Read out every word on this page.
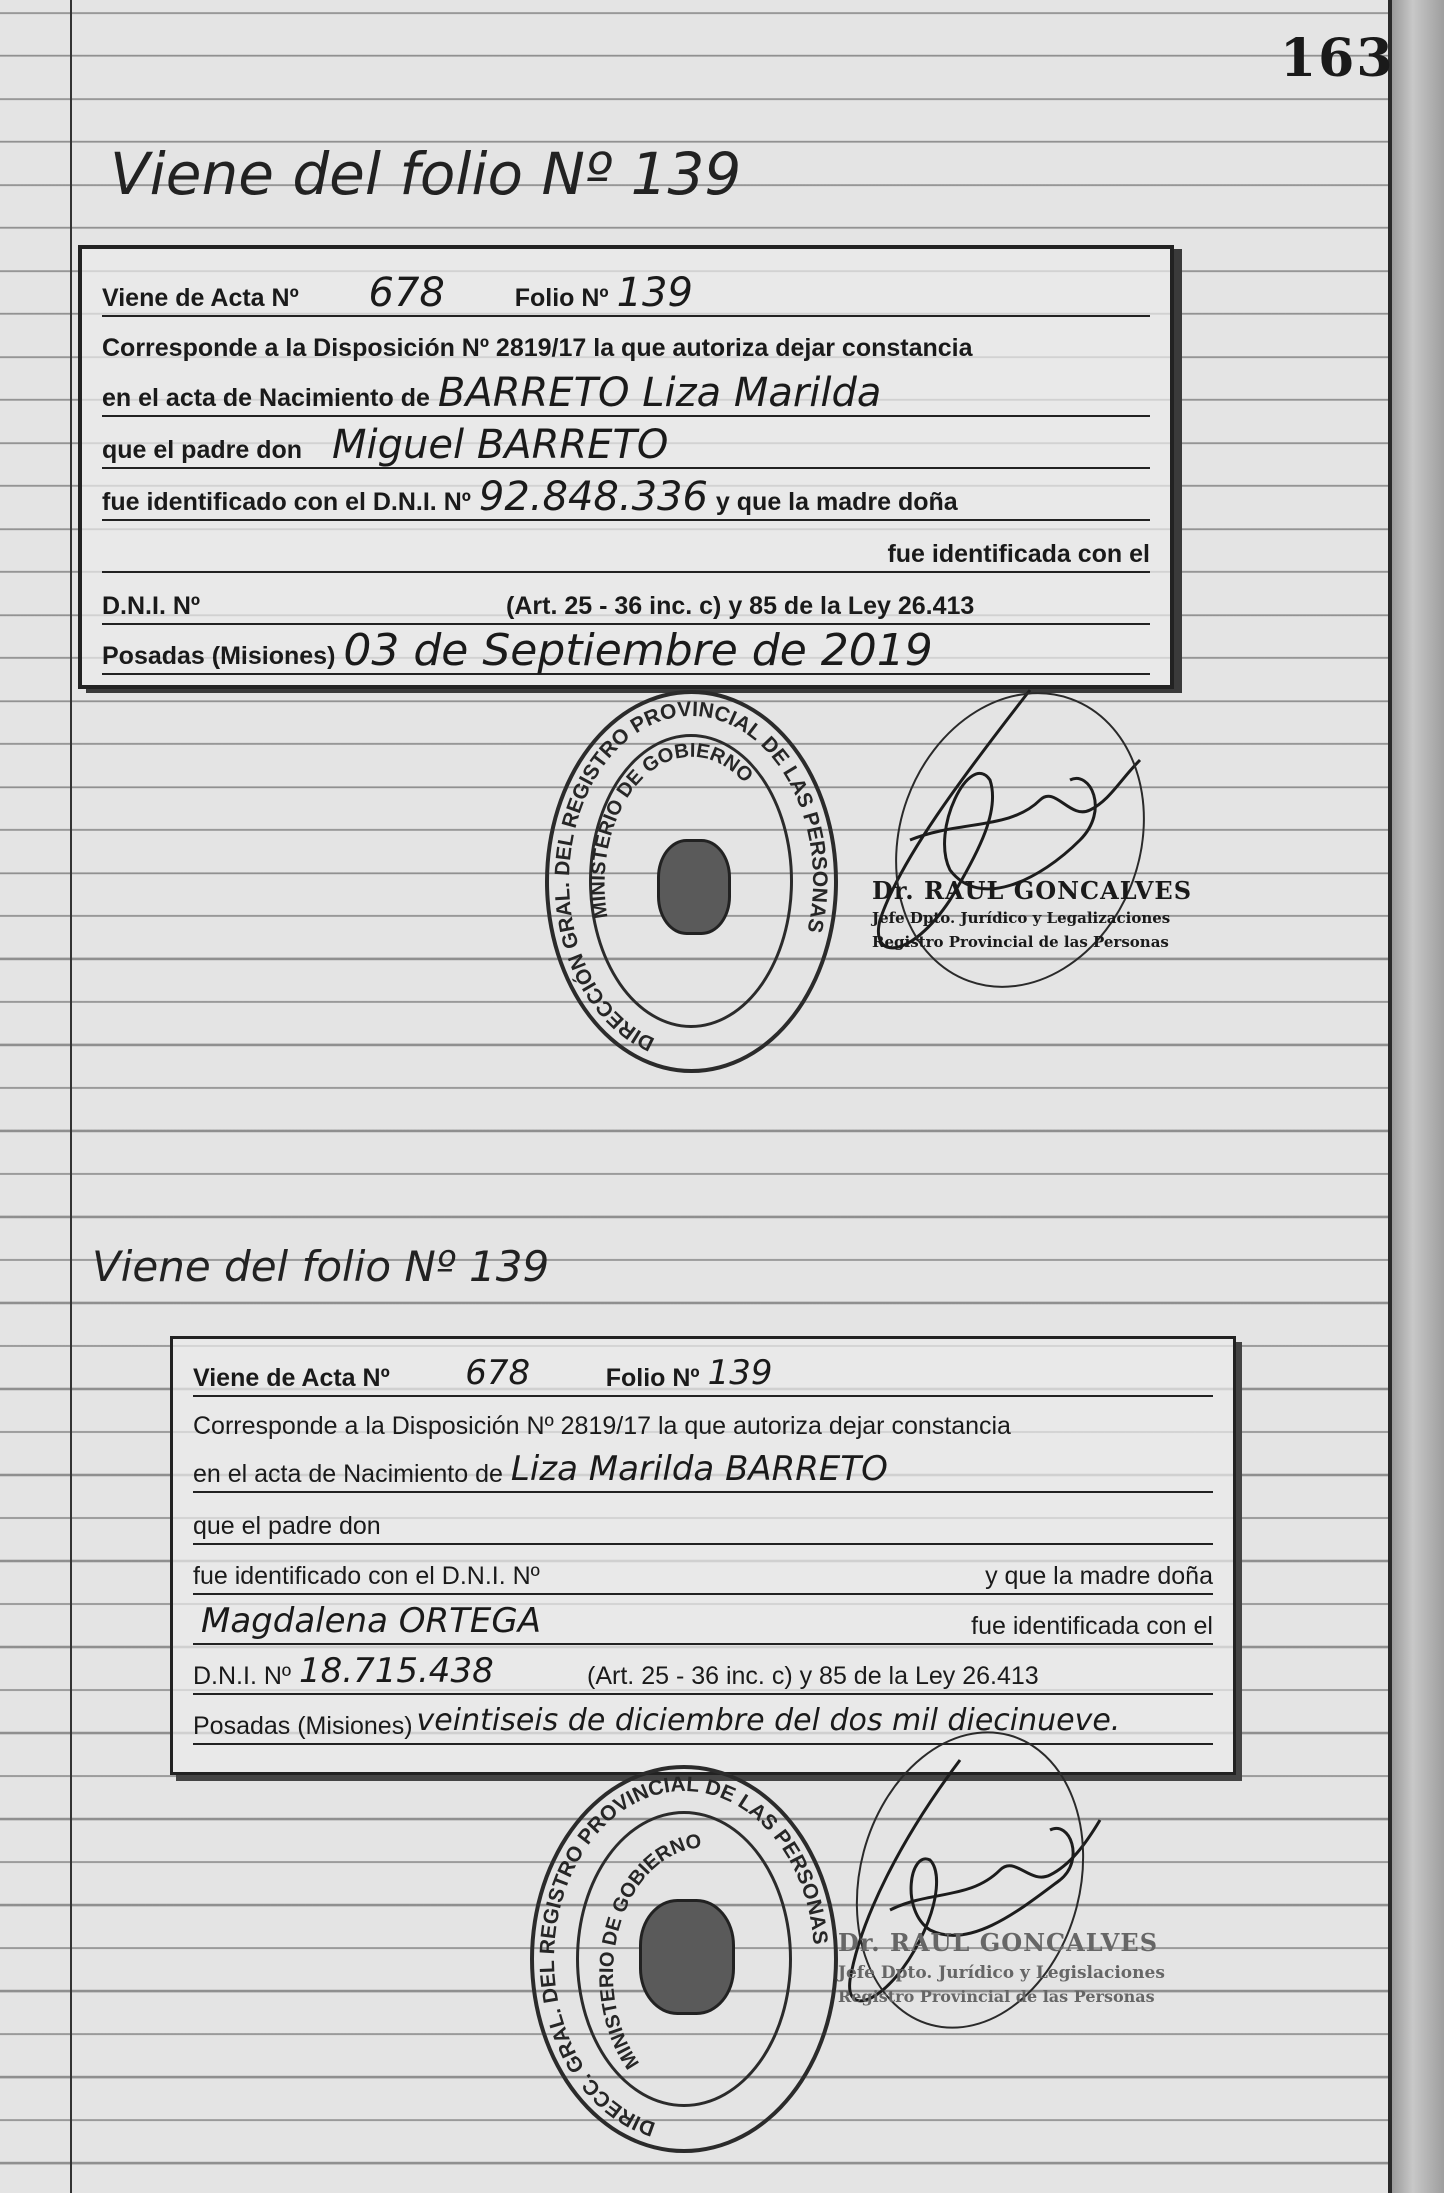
163
Viene del folio Nº 139
Viene de Acta Nº	678	Folio Nº 139
Corresponde a la Disposición Nº 2819/17 la que autoriza dejar constancia
en el acta de Nacimiento de BARRETO Liza Marilda
que el padre don Miguel BARRETO
fue identificado con el D.N.I. Nº 92.848.336 y que la madre doña
fue identificada con el
D.N.I. Nº	(Art. 25 - 36 inc. c) y 85 de la Ley 26.413
Posadas (Misiones) 03 de Septiembre de 2019
DIRECCIÓN GRAL. DEL REGISTRO PROVINCIAL DE LAS PERSONAS
MINISTERIO DE GOBIERNO
Dr. RAUL GONCALVES
Jefe Dpto. Jurídico y Legalizaciones
Registro Provincial de las Personas
Viene del folio Nº 139
Viene de Acta Nº	678	Folio Nº 139
Corresponde a la Disposición Nº 2819/17 la que autoriza dejar constancia
en el acta de Nacimiento de Liza Marilda BARRETO
que el padre don
fue identificado con el D.N.I. Nº	y que la madre doña
Magdalena ORTEGA	fue identificada con el
D.N.I. Nº 18.715.438	(Art. 25 - 36 inc. c) y 85 de la Ley 26.413
Posadas (Misiones) veintiseis de diciembre del dos mil diecinueve.
DIRECC. GRAL. DEL REGISTRO PROVINCIAL DE LAS PERSONAS
MINISTERIO DE GOBIERNO
Dr. RAUL GONCALVES
Jefe Dpto. Jurídico y Legislaciones
Registro Provincial de las Personas
